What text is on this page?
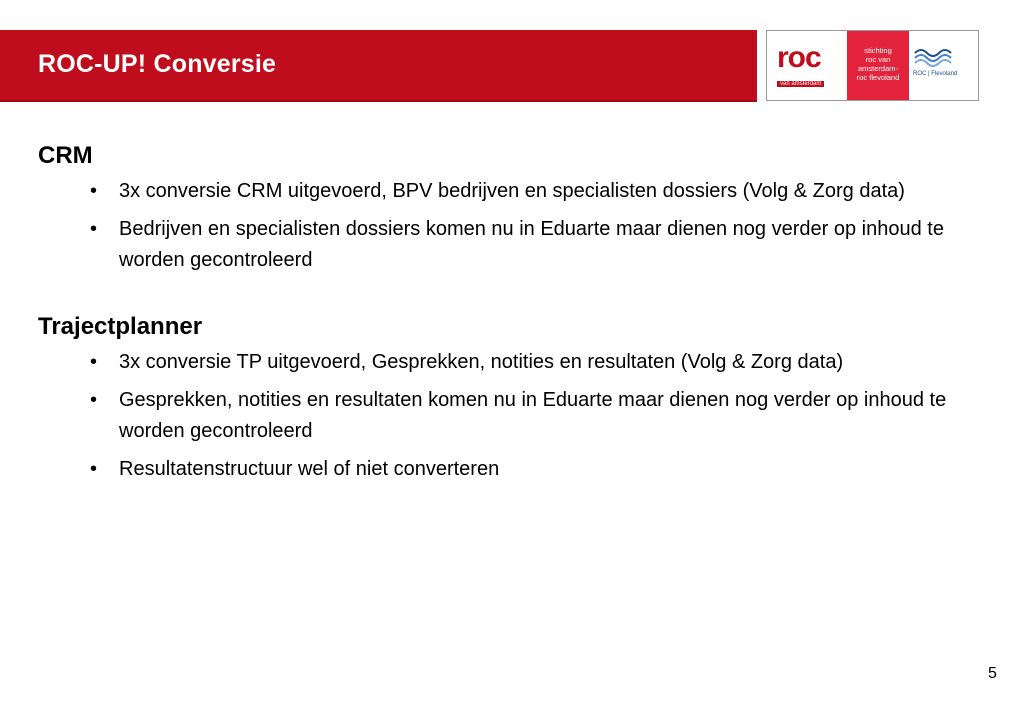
ROC-UP! Conversie	roc
van amsterdam
stichting
roc van
amsterdam-
roc flevoland	ROC | Flevoland
CRM
• 3x conversie CRM uitgevoerd, BPV bedrijven en specialisten dossiers (Volg & Zorg data)
• Bedrijven en specialisten dossiers komen nu in Eduarte maar dienen nog verder op inhoud te worden gecontroleerd
Trajectplanner
• 3x conversie TP uitgevoerd, Gesprekken, notities en resultaten (Volg & Zorg data)
• Gesprekken, notities en resultaten komen nu in Eduarte maar dienen nog verder op inhoud te worden gecontroleerd
• Resultatenstructuur wel of niet converteren
5
